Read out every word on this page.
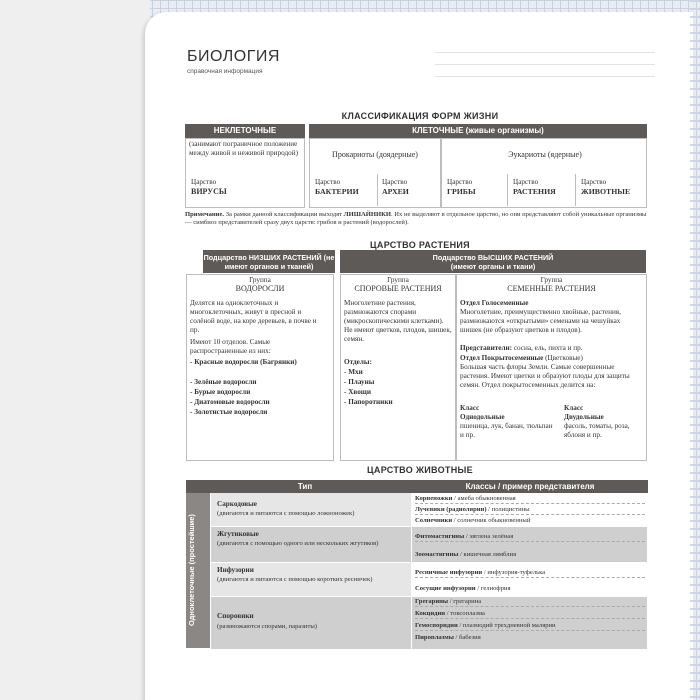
БИОЛОГИЯ
справочная информация
КЛАССИФИКАЦИЯ ФОРМ ЖИЗНИ
НЕКЛЕТОЧНЫЕ
(занимают пограничное положение между живой и неживой природой)
Царство
ВИРУСЫ
КЛЕТОЧНЫЕ (живые организмы)
Прокариоты (доядерные)	Эукариоты (ядерные)
Царство
БАКТЕРИИ
Царство
АРХЕИ
Царство
ГРИБЫ
Царство
РАСТЕНИЯ
Царство
ЖИВОТНЫЕ
Примечание. За рамки данной классификации выходят ЛИШАЙНИКИ. Их не выделяют в отдельное царство, но они представляют собой уникальные организмы — симбиоз представителей сразу двух царств: грибов и растений (водорослей).
ЦАРСТВО РАСТЕНИЯ
Подцарство НИЗШИХ РАСТЕНИЙ (не имеют органов и тканей)
Подцарство ВЫСШИХ РАСТЕНИЙ (имеют органы и ткани)
Группа
ВОДОРОСЛИ
Группа
СПОРОВЫЕ РАСТЕНИЯ
Группа
СЕМЕННЫЕ РАСТЕНИЯ
Делятся на одноклеточных и многоклеточных, живут в пресной и солёной воде, на коре деревьев, в почве и пр.
Имеют 10 отделов. Самые распространенные из них:
- Красные водоросли (Багрянки)
- Зелёные водоросли
- Бурые водоросли
- Диатомовые водоросли
- Золотистые водоросли
Многолетние растения, размножаются спорами (микроскопическими клетками). Не имеют цветков, плодов, шишек, семян.
Отделы:
- Мхи
- Плауны
- Хвощи
- Папоротники
Отдел Голосеменные
Многолетние, преимущественно хвойные, растения, размножаются «открытыми» семенами на чешуйках шишек (не образуют цветков и плодов).
Представители: сосна, ель, пихта и пр.
Отдел Покрытосеменные (Цветковые)
Большая часть флоры Земли. Самые совершенные растения. Имеют цветки и образуют плоды для защиты семян. Отдел покрытосеменных делится на:
Класс
Однодольные
пшеница, лук, банан, тюльпан и пр.
Класс
Двудольные
фасоль, томаты, роза, яблоня и пр.
ЦАРСТВО ЖИВОТНЫЕ
Тип	Классы / пример представителя
Одноклеточные (простейшие)
Саркодовые
(двигаются и питаются с помощью ложноножек)
Корненожки / амеба обыкновенная
Лучевики (радиолярии) / полицистины
Солнечники / солнечник обыкновенный
Жгутиковые
(двигаются с помощью одного или нескольких жгутиков)
Фитомастигины / эвглена зелёная
Зоомастигины / кишечная лямблия
Инфузории
(двигаются и питаются с помощью коротких ресничек)
Ресничные инфузории / инфузория-туфелька
Сосущие инфузории / гелиофрия
Споровики
(размножаются спорами, паразиты)
Грегарины / грегарина
Кокцидии / токсоплазма
Гемоспоридии / плазмодий трехдневной малярии
Пироплазмы / бабезия
